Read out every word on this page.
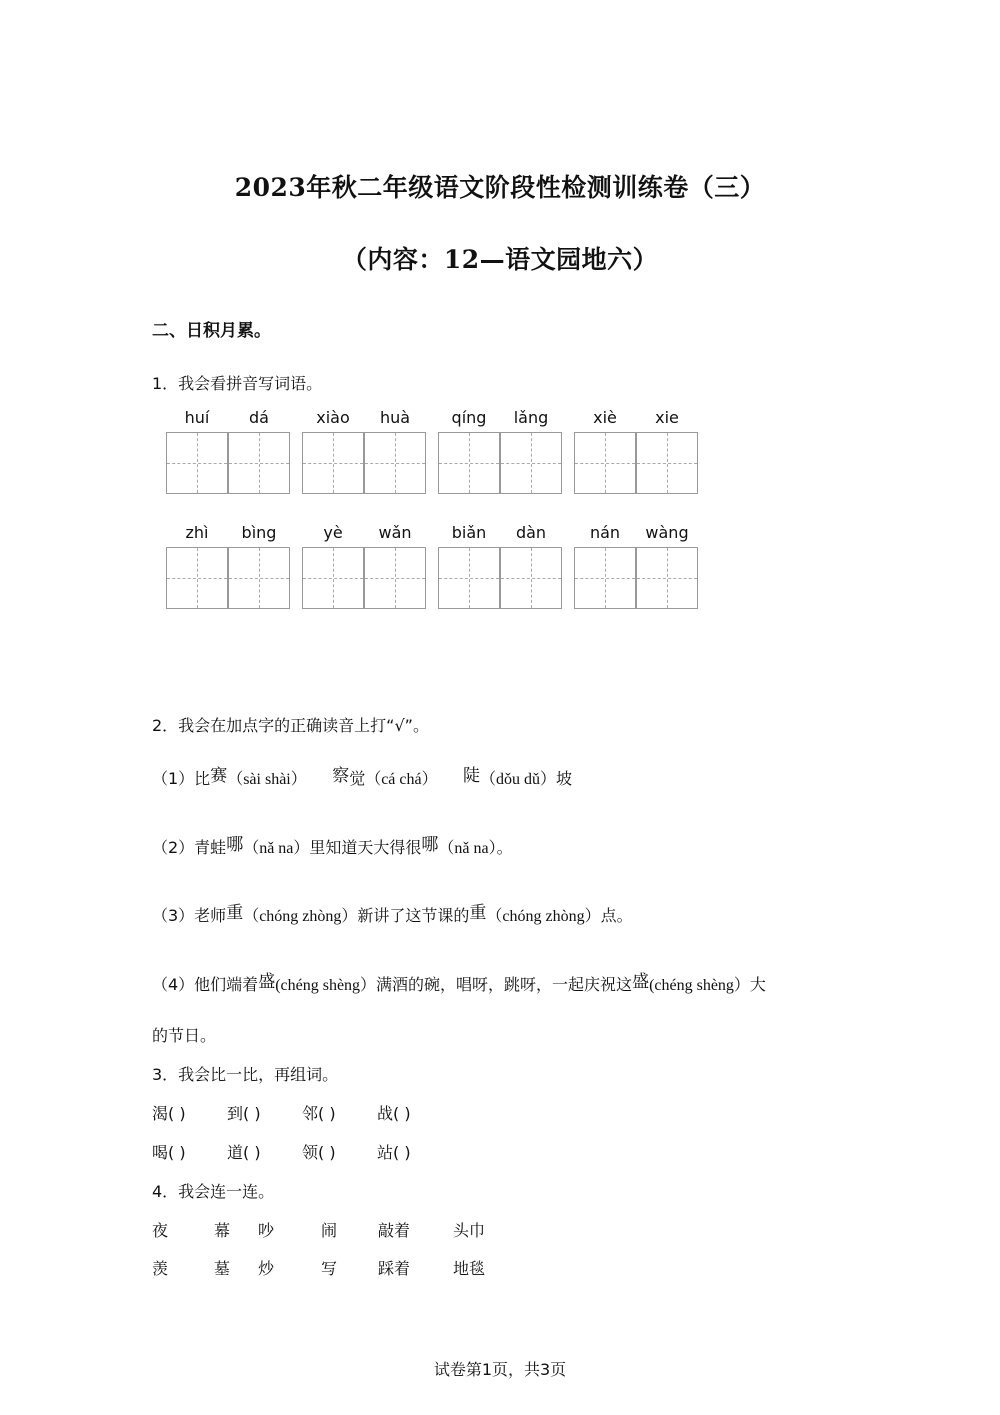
2023年秋二年级语文阶段性检测训练卷（三）
（内容：12—语文园地六）
二、日积月累。
1．我会看拼音写词语。
huí	dá	xiào	huà	qíng	lǎng	xiè	xie
zhì	bìng	yè	wǎn	biǎn	dàn	nán	wàng
2．我会在加点字的正确读音上打“√”。
（1）比赛（sài shài） 察觉（cá chá） 陡（dǒu dǔ）坡
（2）青蛙哪（nǎ na）里知道天大得很哪（nǎ na）。
（3）老师重（chóng zhòng）新讲了这节课的重（chóng zhòng）点。
（4）他们端着盛(chéng shèng）满酒的碗，唱呀，跳呀，一起庆祝这盛(chéng shèng）大
的节日。
3．我会比一比，再组词。
渴( )	到( )	邻( )	战( )
喝( )	道( )	领( )	站( )
4．我会连一连。
夜	幕 吵	闹	敲着	头巾
羡	墓 炒	写	踩着	地毯
试卷第1页，共3页
